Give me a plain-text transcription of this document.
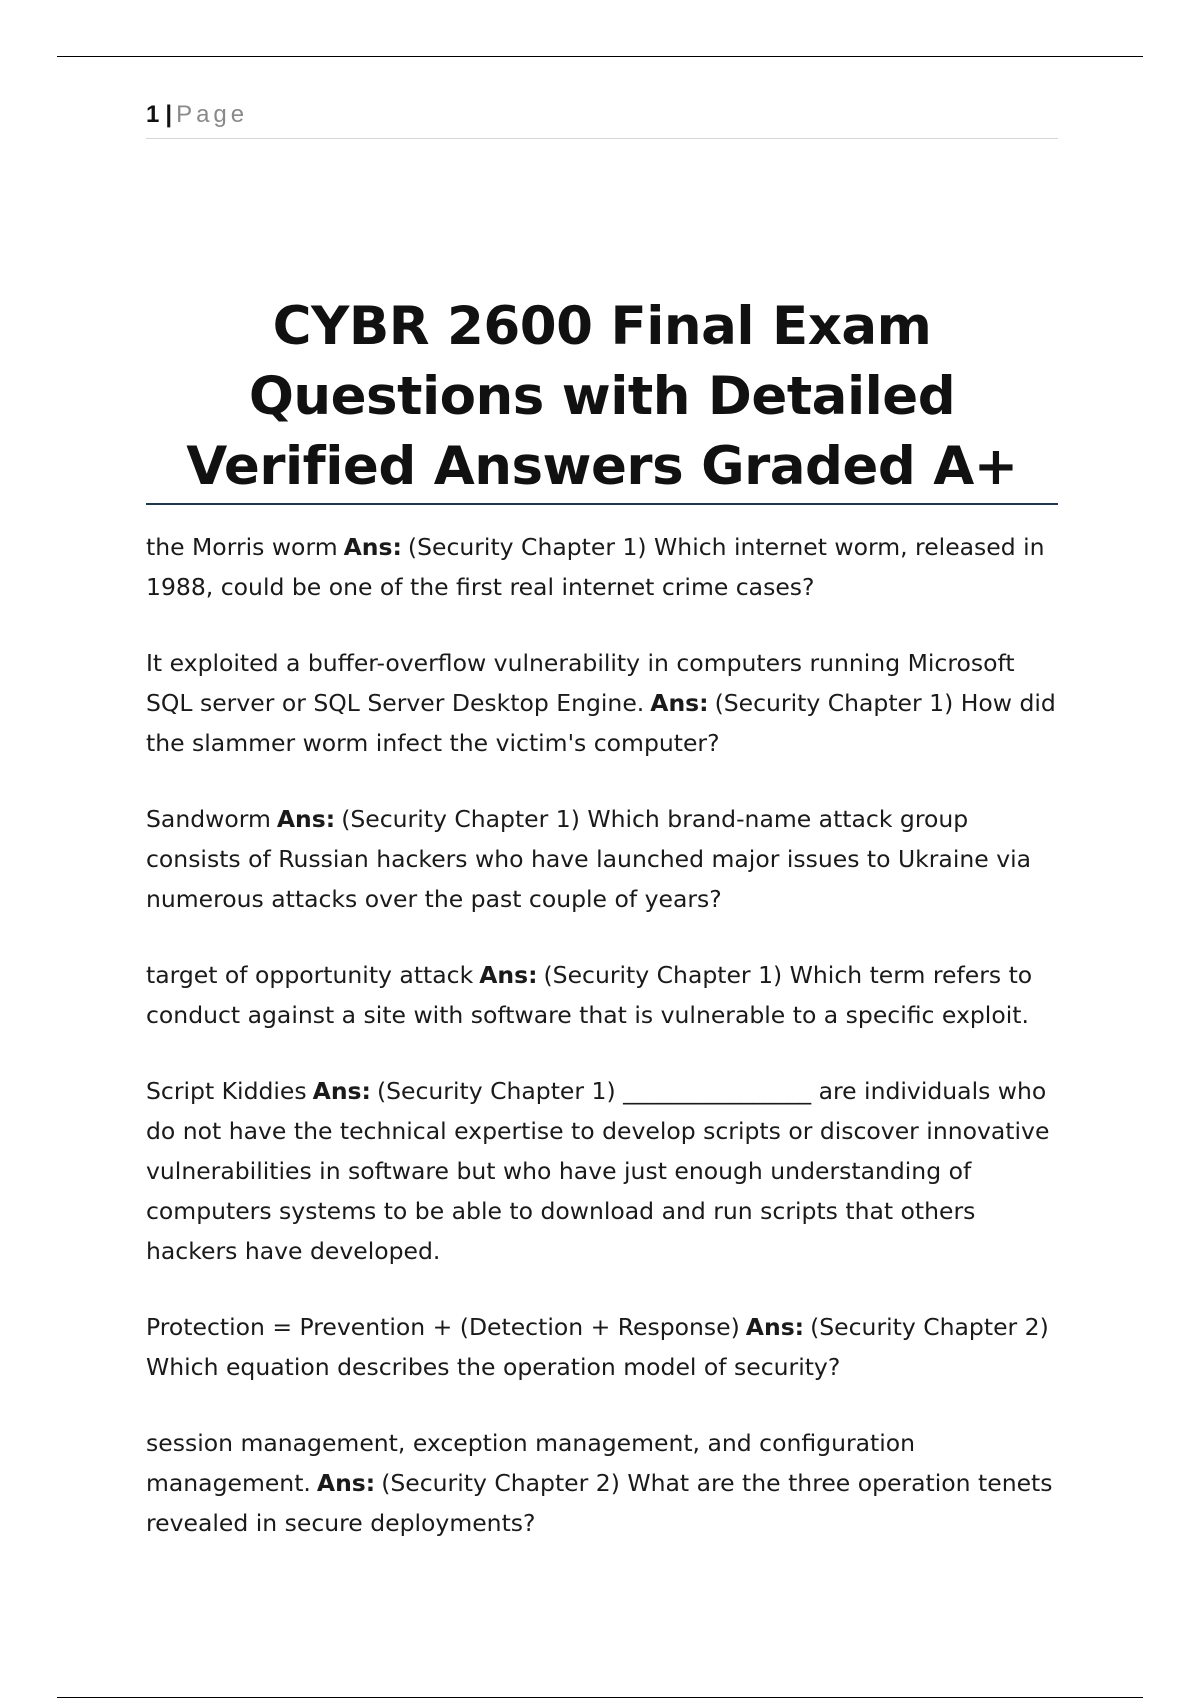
1 | Page
CYBR 2600 Final Exam Questions with Detailed Verified Answers Graded A+

the Morris worm Ans: (Security Chapter 1) Which internet worm, released in 1988, could be one of the first real internet crime cases?

It exploited a buffer-overflow vulnerability in computers running Microsoft SQL server or SQL Server Desktop Engine. Ans: (Security Chapter 1) How did the slammer worm infect the victim's computer?

Sandworm Ans: (Security Chapter 1) Which brand-name attack group consists of Russian hackers who have launched major issues to Ukraine via numerous attacks over the past couple of years?

target of opportunity attack Ans: (Security Chapter 1) Which term refers to conduct against a site with software that is vulnerable to a specific exploit.

Script Kiddies Ans: (Security Chapter 1) ________________ are individuals who do not have the technical expertise to develop scripts or discover innovative vulnerabilities in software but who have just enough understanding of computers systems to be able to download and run scripts that others hackers have developed.

Protection = Prevention + (Detection + Response) Ans: (Security Chapter 2) Which equation describes the operation model of security?

session management, exception management, and configuration management. Ans: (Security Chapter 2) What are the three operation tenets revealed in secure deployments?
